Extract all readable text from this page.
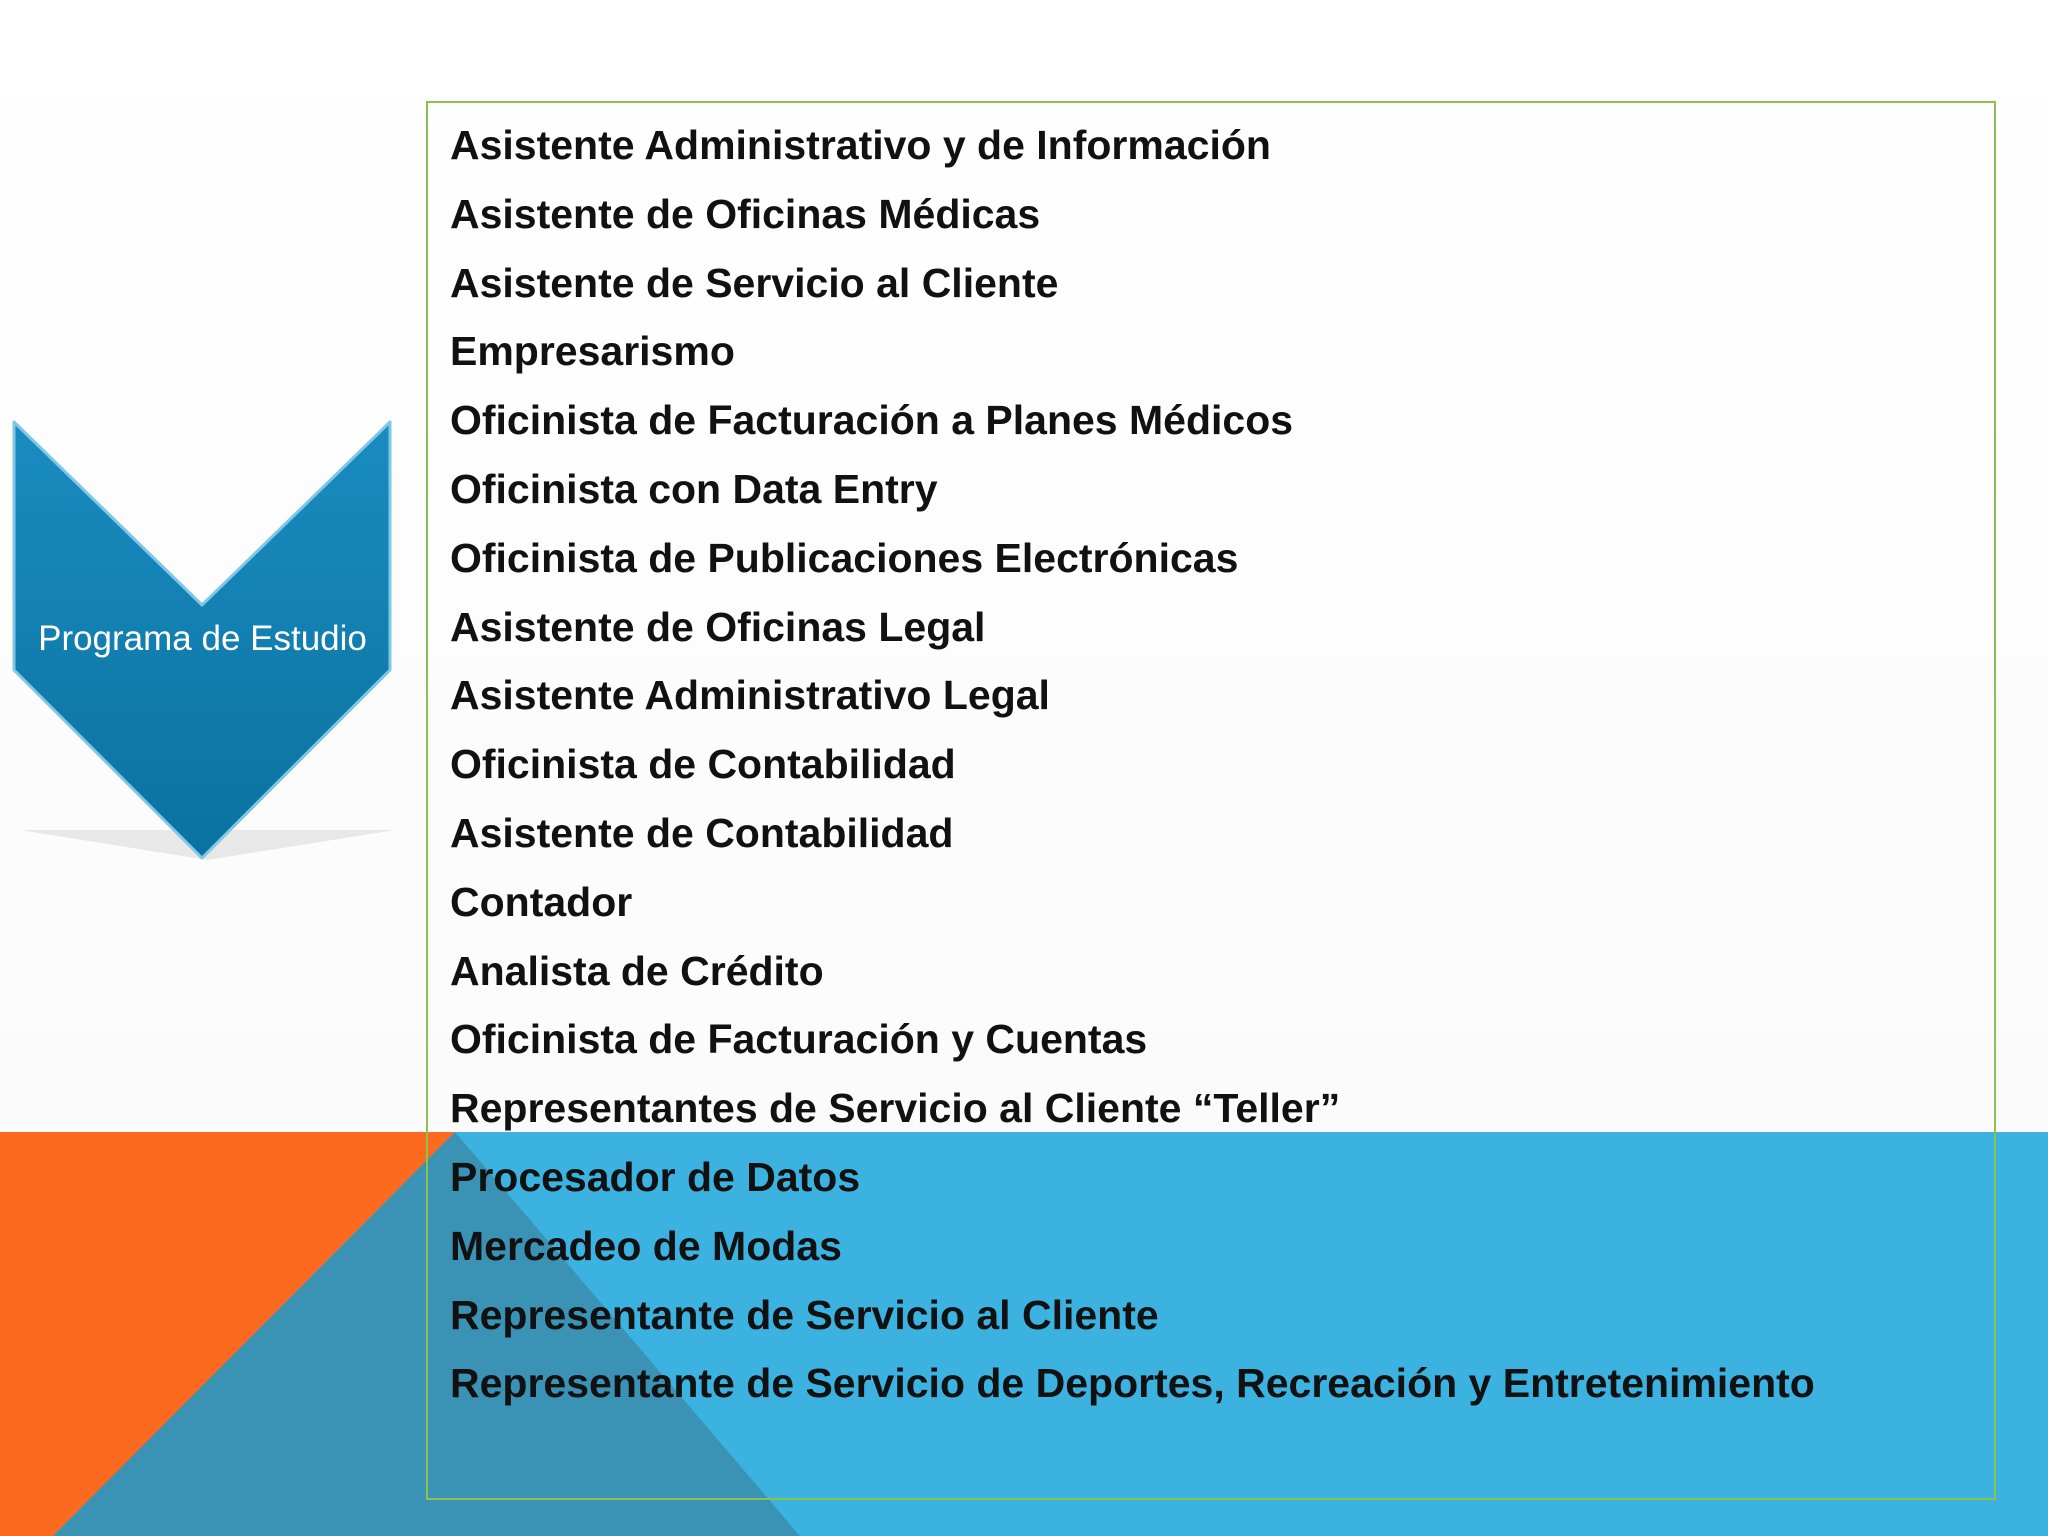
Programa de Estudio
Asistente Administrativo y de Información
Asistente de Oficinas Médicas
Asistente de Servicio al Cliente
Empresarismo
Oficinista de Facturación a Planes Médicos
Oficinista con Data Entry
Oficinista de Publicaciones Electrónicas
Asistente de Oficinas Legal
Asistente Administrativo Legal
Oficinista de Contabilidad
Asistente de Contabilidad
Contador
Analista de Crédito
Oficinista de Facturación y Cuentas
Representantes de Servicio al Cliente “Teller”
Procesador de Datos
Mercadeo de Modas
Representante de Servicio al Cliente
Representante de Servicio de Deportes, Recreación y Entretenimiento
